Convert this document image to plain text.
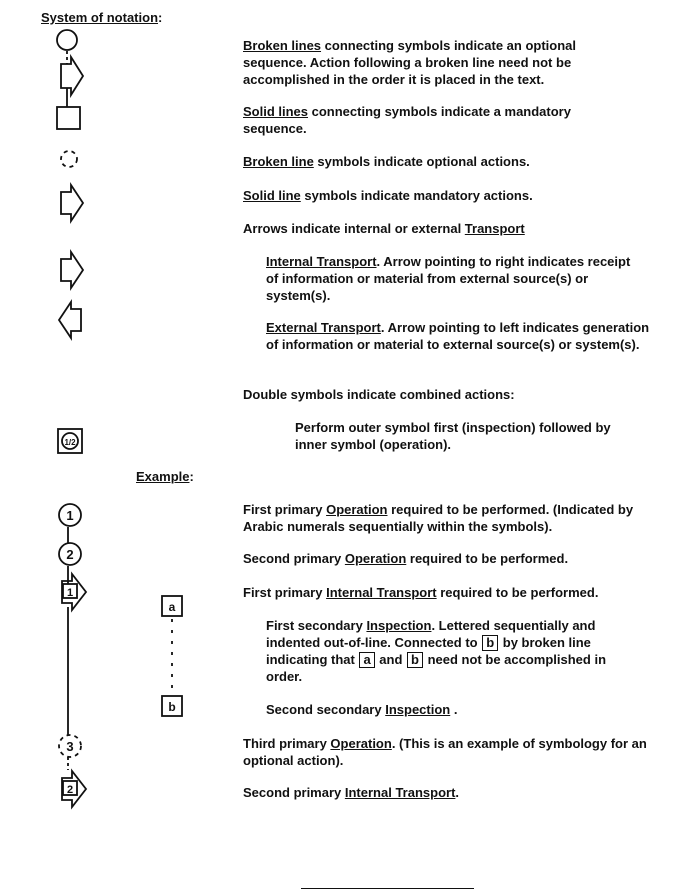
System of notation:
1/2
1
2
1
a
b
3
2

Broken lines connecting symbols indicate an optional sequence. Action following a broken line need not be accomplished in the order it is placed in the text.

Solid lines connecting symbols indicate a mandatory sequence.

Broken line symbols indicate optional actions.

Solid line symbols indicate mandatory actions.

Arrows indicate internal or external Transport

Internal Transport. Arrow pointing to right indicates receipt of information or material from external source(s) or system(s).

External Transport. Arrow pointing to left indicates generation of information or material to external source(s) or system(s).

Double symbols indicate combined actions:

Perform outer symbol first (inspection) followed by inner symbol (operation).

Example:

First primary Operation required to be performed. (Indicated by Arabic numerals sequentially within the symbols).

Second primary Operation required to be performed.

First primary Internal Transport required to be performed.

First secondary Inspection. Lettered sequentially and indented out-of-line. Connected to b by broken line indicating that a and b need not be accomplished in order.

Second secondary Inspection .

Third primary Operation. (This is an example of symbology for an optional action).

Second primary Internal Transport.
